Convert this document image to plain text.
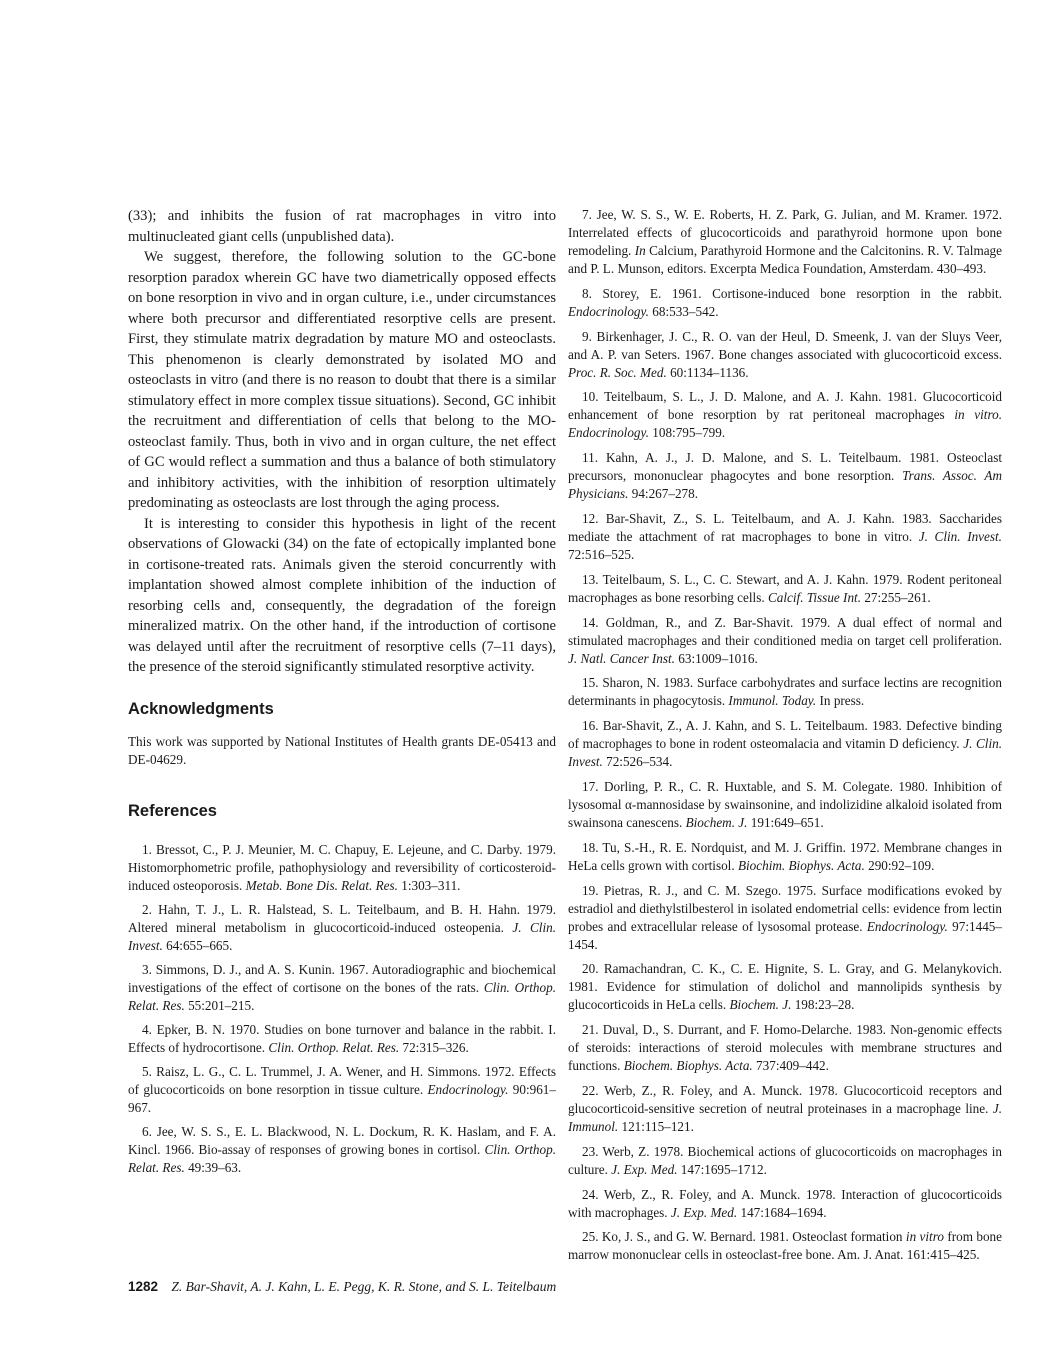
(33); and inhibits the fusion of rat macrophages in vitro into multinucleated giant cells (unpublished data).

We suggest, therefore, the following solution to the GC-bone resorption paradox wherein GC have two diametrically opposed effects on bone resorption in vivo and in organ culture, i.e., under circumstances where both precursor and differentiated resorptive cells are present. First, they stimulate matrix degradation by mature MO and osteoclasts. This phenomenon is clearly demonstrated by isolated MO and osteoclasts in vitro (and there is no reason to doubt that there is a similar stimulatory effect in more complex tissue situations). Second, GC inhibit the recruitment and differentiation of cells that belong to the MO-osteoclast family. Thus, both in vivo and in organ culture, the net effect of GC would reflect a summation and thus a balance of both stimulatory and inhibitory activities, with the inhibition of resorption ultimately predominating as osteoclasts are lost through the aging process.

It is interesting to consider this hypothesis in light of the recent observations of Glowacki (34) on the fate of ectopically implanted bone in cortisone-treated rats. Animals given the steroid concurrently with implantation showed almost complete inhibition of the induction of resorbing cells and, consequently, the degradation of the foreign mineralized matrix. On the other hand, if the introduction of cortisone was delayed until after the recruitment of resorptive cells (7–11 days), the presence of the steroid significantly stimulated resorptive activity.

Acknowledgments

This work was supported by National Institutes of Health grants DE-05413 and DE-04629.

References

1. Bressot, C., P. J. Meunier, M. C. Chapuy, E. Lejeune, and C. Darby. 1979. Histomorphometric profile, pathophysiology and reversibility of corticosteroid-induced osteoporosis. Metab. Bone Dis. Relat. Res. 1:303–311.

2. Hahn, T. J., L. R. Halstead, S. L. Teitelbaum, and B. H. Hahn. 1979. Altered mineral metabolism in glucocorticoid-induced osteopenia. J. Clin. Invest. 64:655–665.

3. Simmons, D. J., and A. S. Kunin. 1967. Autoradiographic and biochemical investigations of the effect of cortisone on the bones of the rats. Clin. Orthop. Relat. Res. 55:201–215.

4. Epker, B. N. 1970. Studies on bone turnover and balance in the rabbit. I. Effects of hydrocortisone. Clin. Orthop. Relat. Res. 72:315–326.

5. Raisz, L. G., C. L. Trummel, J. A. Wener, and H. Simmons. 1972. Effects of glucocorticoids on bone resorption in tissue culture. Endocrinology. 90:961–967.

6. Jee, W. S. S., E. L. Blackwood, N. L. Dockum, R. K. Haslam, and F. A. Kincl. 1966. Bio-assay of responses of growing bones in cortisol. Clin. Orthop. Relat. Res. 49:39–63.

7. Jee, W. S. S., W. E. Roberts, H. Z. Park, G. Julian, and M. Kramer. 1972. Interrelated effects of glucocorticoids and parathyroid hormone upon bone remodeling. In Calcium, Parathyroid Hormone and the Calcitonins. R. V. Talmage and P. L. Munson, editors. Excerpta Medica Foundation, Amsterdam. 430–493.

8. Storey, E. 1961. Cortisone-induced bone resorption in the rabbit. Endocrinology. 68:533–542.

9. Birkenhager, J. C., R. O. van der Heul, D. Smeenk, J. van der Sluys Veer, and A. P. van Seters. 1967. Bone changes associated with glucocorticoid excess. Proc. R. Soc. Med. 60:1134–1136.

10. Teitelbaum, S. L., J. D. Malone, and A. J. Kahn. 1981. Glucocorticoid enhancement of bone resorption by rat peritoneal macrophages in vitro. Endocrinology. 108:795–799.

11. Kahn, A. J., J. D. Malone, and S. L. Teitelbaum. 1981. Osteoclast precursors, mononuclear phagocytes and bone resorption. Trans. Assoc. Am Physicians. 94:267–278.

12. Bar-Shavit, Z., S. L. Teitelbaum, and A. J. Kahn. 1983. Saccharides mediate the attachment of rat macrophages to bone in vitro. J. Clin. Invest. 72:516–525.

13. Teitelbaum, S. L., C. C. Stewart, and A. J. Kahn. 1979. Rodent peritoneal macrophages as bone resorbing cells. Calcif. Tissue Int. 27:255–261.

14. Goldman, R., and Z. Bar-Shavit. 1979. A dual effect of normal and stimulated macrophages and their conditioned media on target cell proliferation. J. Natl. Cancer Inst. 63:1009–1016.

15. Sharon, N. 1983. Surface carbohydrates and surface lectins are recognition determinants in phagocytosis. Immunol. Today. In press.

16. Bar-Shavit, Z., A. J. Kahn, and S. L. Teitelbaum. 1983. Defective binding of macrophages to bone in rodent osteomalacia and vitamin D deficiency. J. Clin. Invest. 72:526–534.

17. Dorling, P. R., C. R. Huxtable, and S. M. Colegate. 1980. Inhibition of lysosomal α-mannosidase by swainsonine, and indolizidine alkaloid isolated from swainsona canescens. Biochem. J. 191:649–651.

18. Tu, S.-H., R. E. Nordquist, and M. J. Griffin. 1972. Membrane changes in HeLa cells grown with cortisol. Biochim. Biophys. Acta. 290:92–109.

19. Pietras, R. J., and C. M. Szego. 1975. Surface modifications evoked by estradiol and diethylstilbesterol in isolated endometrial cells: evidence from lectin probes and extracellular release of lysosomal protease. Endocrinology. 97:1445–1454.

20. Ramachandran, C. K., C. E. Hignite, S. L. Gray, and G. Melanykovich. 1981. Evidence for stimulation of dolichol and mannolipids synthesis by glucocorticoids in HeLa cells. Biochem. J. 198:23–28.

21. Duval, D., S. Durrant, and F. Homo-Delarche. 1983. Non-genomic effects of steroids: interactions of steroid molecules with membrane structures and functions. Biochem. Biophys. Acta. 737:409–442.

22. Werb, Z., R. Foley, and A. Munck. 1978. Glucocorticoid receptors and glucocorticoid-sensitive secretion of neutral proteinases in a macrophage line. J. Immunol. 121:115–121.

23. Werb, Z. 1978. Biochemical actions of glucocorticoids on macrophages in culture. J. Exp. Med. 147:1695–1712.

24. Werb, Z., R. Foley, and A. Munck. 1978. Interaction of glucocorticoids with macrophages. J. Exp. Med. 147:1684–1694.

25. Ko, J. S., and G. W. Bernard. 1981. Osteoclast formation in vitro from bone marrow mononuclear cells in osteoclast-free bone. Am. J. Anat. 161:415–425.

1282 Z. Bar-Shavit, A. J. Kahn, L. E. Pegg, K. R. Stone, and S. L. Teitelbaum
